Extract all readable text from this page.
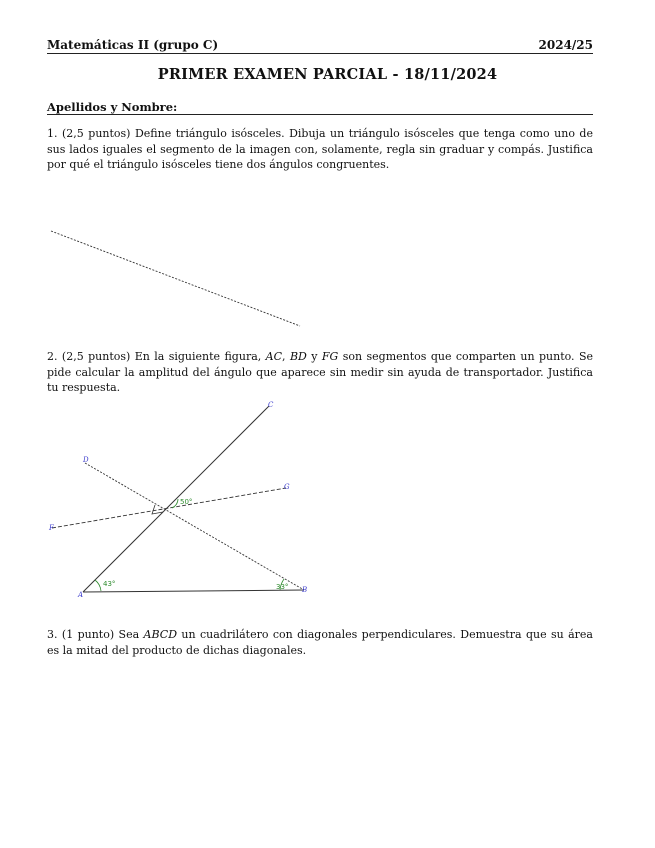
Matemáticas II (grupo C)	2024/25
PRIMER EXAMEN PARCIAL - 18/11/2024
Apellidos y Nombre:
1. (2,5 puntos) Define triángulo isósceles. Dibuja un triángulo isósceles que tenga como uno de sus lados iguales el segmento de la imagen con, solamente, regla sin graduar y compás. Justifica por qué el triángulo isósceles tiene dos ángulos congruentes.
2. (2,5 puntos) En la siguiente figura, AC, BD y FG son segmentos que comparten un punto. Se pide calcular la amplitud del ángulo que aparece sin medir sin ayuda de transportador. Justifica tu respuesta.
3. (1 punto) Sea ABCD un cuadrilátero con diagonales perpendiculares. Demuestra que su área es la mitad del producto de dichas diagonales.
50°
43°	33°
A
B
C
D
F
G
